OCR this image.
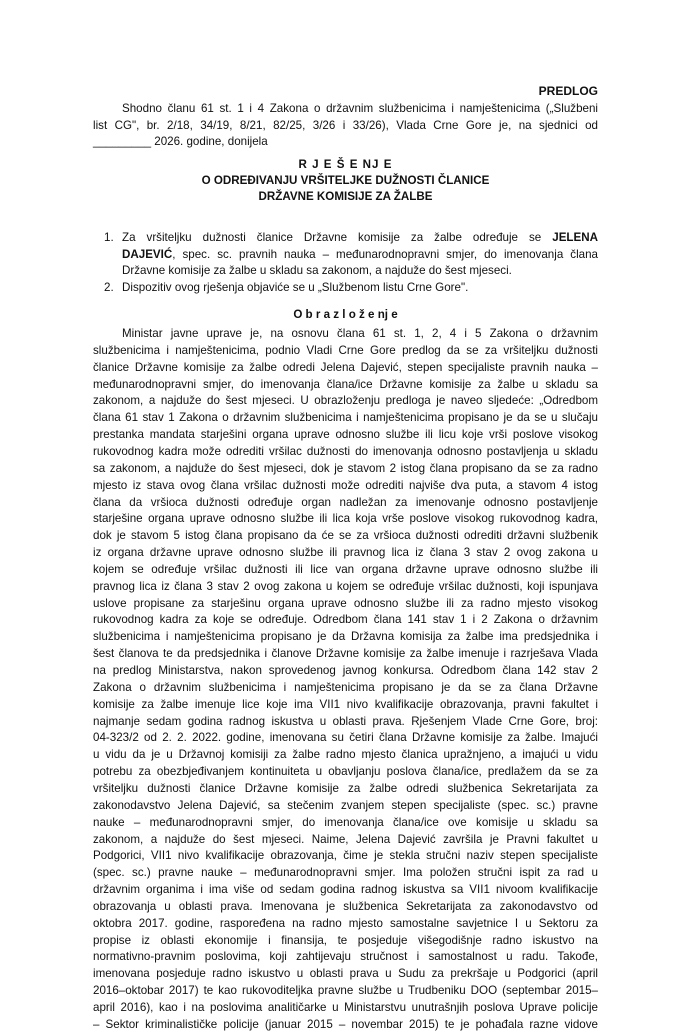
PREDLOG
Shodno članu 61 st. 1 i 4 Zakona o državnim službenicima i namještenicima („Službeni
list CG", br. 2/18, 34/19, 8/21, 82/25, 3/26 i 33/26), Vlada Crne Gore je, na sjednici od
_________ 2026. godine, donijela
R J E Š E NJ E
O ODREĐIVANJU VRŠITELJKE DUŽNOSTI ČLANICE
DRŽAVNE KOMISIJE ZA ŽALBE
1. Za vršiteljku dužnosti članice Državne komisije za žalbe određuje se JELENA
DAJEVIĆ, spec. sc. pravnih nauka – međunarodnopravni smjer, do imenovanja člana
Državne komisije za žalbe u skladu sa zakonom, a najduže do šest mjeseci.
2. Dispozitiv ovog rješenja objaviće se u „Službenom listu Crne Gore".
O b r a z l o ž e nj e
Ministar javne uprave je, na osnovu člana 61 st. 1, 2, 4 i 5 Zakona o državnim
službenicima i namještenicima, podnio Vladi Crne Gore predlog da se za vršiteljku dužnosti
članice Državne komisije za žalbe odredi Jelena Dajević, stepen specijaliste pravnih nauka –
međunarodnopravni smjer, do imenovanja člana/ice Državne komisije za žalbe u skladu sa
zakonom, a najduže do šest mjeseci. U obrazloženju predloga je naveo sljedeće: „Odredbom
člana 61 stav 1 Zakona o državnim službenicima i namještenicima propisano je da se u slučaju
prestanka mandata starješini organa uprave odnosno službe ili licu koje vrši poslove visokog
rukovodnog kadra može odrediti vršilac dužnosti do imenovanja odnosno postavljenja u skladu
sa zakonom, a najduže do šest mjeseci, dok je stavom 2 istog člana propisano da se za radno
mjesto iz stava ovog člana vršilac dužnosti može odrediti najviše dva puta, a stavom 4 istog
člana da vršioca dužnosti određuje organ nadležan za imenovanje odnosno postavljenje
starješine organa uprave odnosno službe ili lica koja vrše poslove visokog rukovodnog kadra,
dok je stavom 5 istog člana propisano da će se za vršioca dužnosti odrediti državni službenik
iz organa državne uprave odnosno službe ili pravnog lica iz člana 3 stav 2 ovog zakona u
kojem se određuje vršilac dužnosti ili lice van organa državne uprave odnosno službe ili
pravnog lica iz člana 3 stav 2 ovog zakona u kojem se određuje vršilac dužnosti, koji ispunjava
uslove propisane za starješinu organa uprave odnosno službe ili za radno mjesto visokog
rukovodnog kadra za koje se određuje. Odredbom člana 141 stav 1 i 2 Zakona o državnim
službenicima i namještenicima propisano je da Državna komisija za žalbe ima predsjednika i
šest članova te da predsjednika i članove Državne komisije za žalbe imenuje i razrješava Vlada
na predlog Ministarstva, nakon sprovedenog javnog konkursa. Odredbom člana 142 stav 2
Zakona o državnim službenicima i namještenicima propisano je da se za člana Državne
komisije za žalbe imenuje lice koje ima VII1 nivo kvalifikacije obrazovanja, pravni fakultet i
najmanje sedam godina radnog iskustva u oblasti prava. Rješenjem Vlade Crne Gore, broj:
04-323/2 od 2. 2. 2022. godine, imenovana su četiri člana Državne komisije za žalbe. Imajući
u vidu da je u Državnoj komisiji za žalbe radno mjesto članica upražnjeno, a imajući u vidu
potrebu za obezbjeđivanjem kontinuiteta u obavljanju poslova člana/ice, predlažem da se za
vršiteljku dužnosti članice Državne komisije za žalbe odredi službenica Sekretarijata za
zakonodavstvo Jelena Dajević, sa stečenim zvanjem stepen specijaliste (spec. sc.) pravne
nauke – međunarodnopravni smjer, do imenovanja člana/ice ove komisije u skladu sa
zakonom, a najduže do šest mjeseci. Naime, Jelena Dajević završila je Pravni fakultet u
Podgorici, VII1 nivo kvalifikacije obrazovanja, čime je stekla stručni naziv stepen specijaliste
(spec. sc.) pravne nauke – međunarodnopravni smjer. Ima položen stručni ispit za rad u
državnim organima i ima više od sedam godina radnog iskustva sa VII1 nivoom kvalifikacije
obrazovanja u oblasti prava. Imenovana je službenica Sekretarijata za zakonodavstvo od
oktobra 2017. godine, raspoređena na radno mjesto samostalne savjetnice I u Sektoru za
propise iz oblasti ekonomije i finansija, te posjeduje višegodišnje radno iskustvo na
normativno-pravnim poslovima, koji zahtijevaju stručnost i samostalnost u radu. Takođe,
imenovana posjeduje radno iskustvo u oblasti prava u Sudu za prekršaje u Podgorici (april
2016–oktobar 2017) te kao rukovoditeljka pravne službe u Trudbeniku DOO (septembar 2015–
april 2016), kao i na poslovima analitičarke u Ministarstvu unutrašnjih poslova Uprave policije
– Sektor kriminalističke policije (januar 2015 – novembar 2015) te je pohađala razne vidove
